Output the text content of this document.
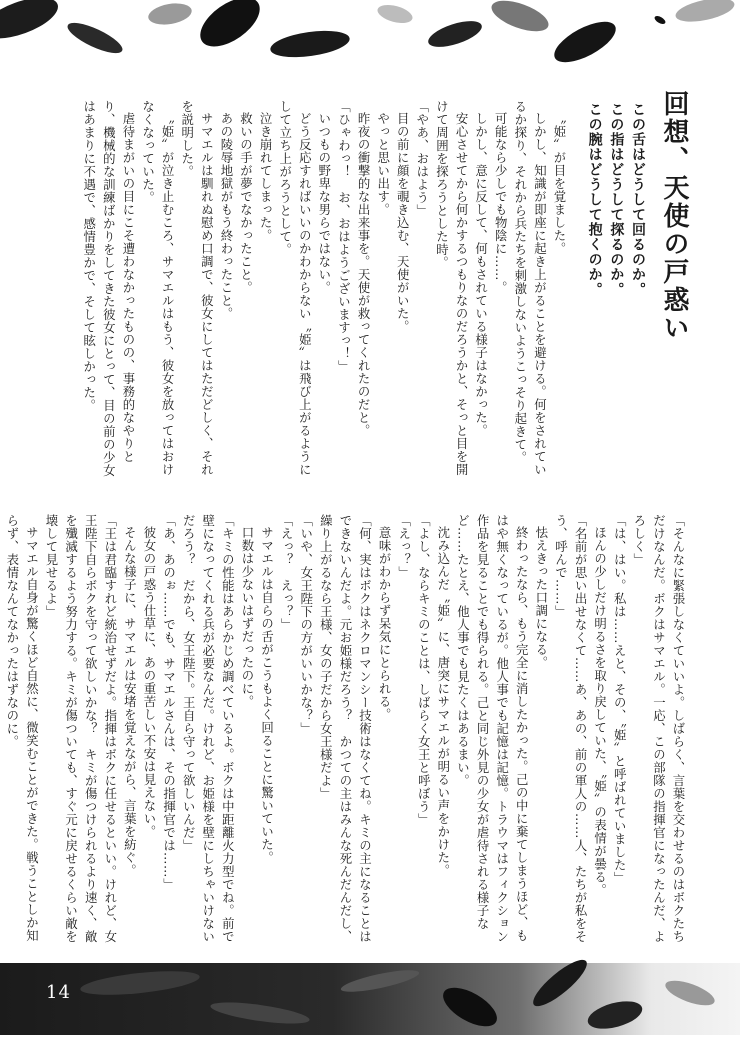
回想、天使の戸惑い
この舌はどうして回るのか。
この指はどうして探るのか。
この腕はどうして抱くのか。

〝姫〟が目を覚ました。

しかし、知識が即座に起き上がることを避ける。何をされているか探り、それから兵たちを刺激しないようこっそり起きて。

可能なら少しでも物陰に……。

しかし、意に反して、何もされている様子はなかった。

安心させてから何かするつもりなのだろうかと、そっと目を開けて周囲を探ろうとした時。

「やあ、おはよう」

目の前に顔を覗き込む、天使がいた。

やっと思い出す。

昨夜の衝撃的な出来事を。天使が救ってくれたのだと。

「ひゃわっ！　お、おはようございますっ！」

いつもの野卑な男らではない。

どう反応すればいいのかわからない〝姫〟は飛び上がるようにして立ち上がろうとして。

泣き崩れてしまった。

救いの手が夢でなかったこと。

あの陵辱地獄がもう終わったこと。

サマエルは馴れぬ慰め口調で、彼女にしてはただどしく、それを説明した。

〝姫〟が泣き止むころ、サマエルはもう、彼女を放ってはおけなくなっていた。

虐待まがいの目にこそ遭わなかったものの、事務的なやりとり、機械的な訓練ばかりをしてきた彼女にとって、目の前の少女はあまりに不遇で、感情豊かで、そして眩しかった。

「そんなに緊張しなくていいよ。しばらく、言葉を交わせるのはボクたちだけなんだ。ボクはサマエル。一応、この部隊の指揮官になったんだ、よろしく」

「は、はい。私は……えと、その、〝姫〟と呼ばれていました」

ほんの少しだけ明るさを取り戻していた、〝姫〟の表情が曇る。

「名前が思い出せなくて……あ、あの、前の軍人の……人、たちが私をそう、呼んで……」

怯えきった口調になる。

終わったなら、もう完全に消したかった。己の中に棄てしまうほど、もはや無くなっているが。他人事でも記憶は記憶。トラウマはフィクション作品を見ることでも得られる。己と同じ外見の少女が虐待される様子など……たとえ、他人事でも見たくはあるまい。

沈み込んだ〝姫〟に、唐突にサマエルが明るい声をかけた。

「よし、ならキミのことは、しばらく女王と呼ぼう」

「えっ？」

意味がわからず呆気にとられる。

「何、実はボクはネクロマンシー技術はなくてね。キミの主になることはできないんだよ。元お姫様だろう？　かつての主はみんな死んだんだし、繰り上がるなら王様、女の子だから女王様だよ」

「いや、女王陛下の方がいいかな？」

「えっ？　えっ？」

サマエルは自らの舌がこうもよく回ることに驚いていた。

口数は少ないはずだったのに。

「キミの性能はあらかじめ調べているよ。ボクは中距離火力型でね。前で壁になってくれる兵が必要なんだ。けれど、お姫様を壁にしちゃいけないだろう？　だから、女王陛下。王自ら守って欲しいんだ」

「あ、あのぉ……でも、サマエルさんは、その指揮官では……」

彼女の戸惑う仕草に、あの重苦しい不安は見えない。

そんな様子に、サマエルは安堵を覚えながら、言葉を紡ぐ。

「王は君臨すれど統治せずだよ。指揮はボクに任せるといい。けれど、女王陛下自らボクを守って欲しいかな？　キミが傷つけられるより速く、敵を殲滅するよう努力する。キミが傷ついても、すぐ元に戻せるくらい敵を壊して見せるよ」

サマエル自身が驚くほど自然に、微笑むことができた。戦うことしか知らず、表情なんてなかったはずなのに。

14
